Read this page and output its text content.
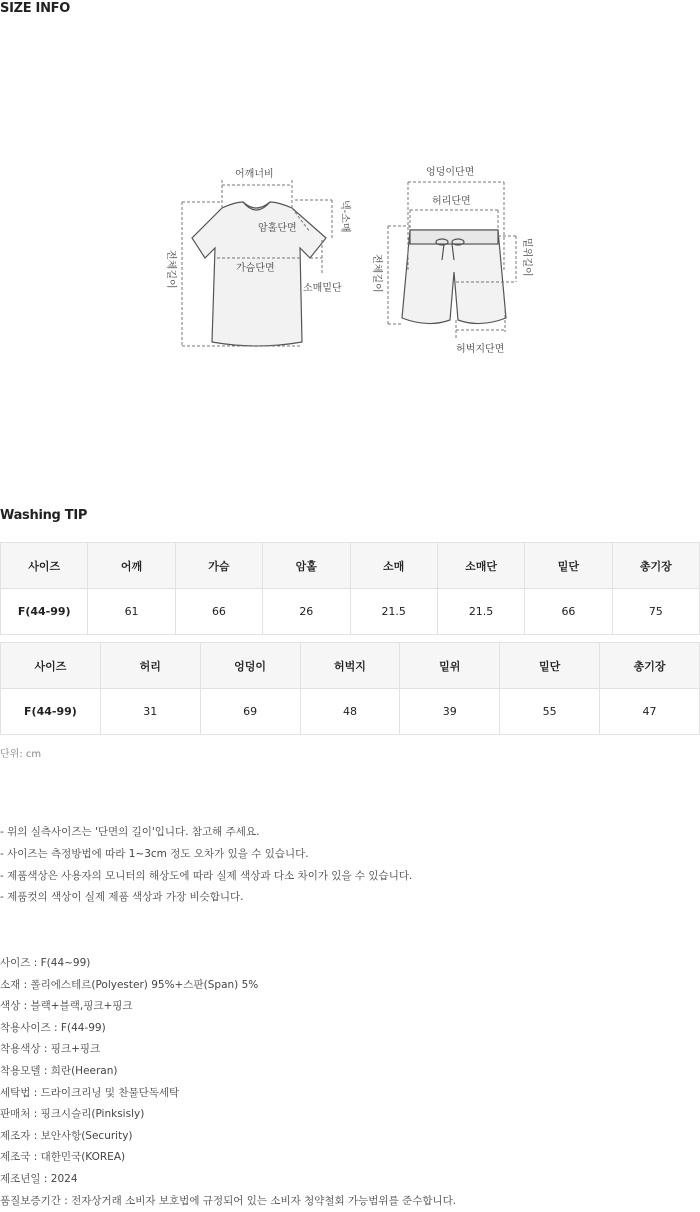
SIZE INFO
어깨너비
암홀단면
가슴단면
소매밑단
넥-소매
전체길이
엉덩이단면
허리단면
밑위길이
전체길이
허벅지단면
Washing TIP
사이즈	어깨	가슴	암홀	소매	소매단	밑단	총기장
F(44-99)	61	66	26	21.5	21.5	66	75
사이즈	허리	엉덩이	허벅지	밑위	밑단	총기장
F(44-99)	31	69	48	39	55	47
단위: cm
- 위의 실측사이즈는 '단면의 길이'입니다. 참고해 주세요.
- 사이즈는 측정방법에 따라 1~3cm 정도 오차가 있을 수 있습니다.
- 제품색상은 사용자의 모니터의 해상도에 따라 실제 색상과 다소 차이가 있을 수 있습니다.
- 제품컷의 색상이 실제 제품 색상과 가장 비슷합니다.
사이즈 : F(44~99)
소재 : 폴리에스테르(Polyester) 95%+스판(Span) 5%
색상 : 블랙+블랙,핑크+핑크
착용사이즈 : F(44-99)
착용색상 : 핑크+핑크
착용모델 : 희란(Heeran)
세탁법 : 드라이크리닝 및 찬물단독세탁
판매처 : 핑크시슬리(Pinksisly)
제조자 : 보안사항(Security)
제조국 : 대한민국(KOREA)
제조년일 : 2024
품질보증기간 : 전자상거래 소비자 보호법에 규정되어 있는 소비자 청약철회 가능범위를 준수합니다.
